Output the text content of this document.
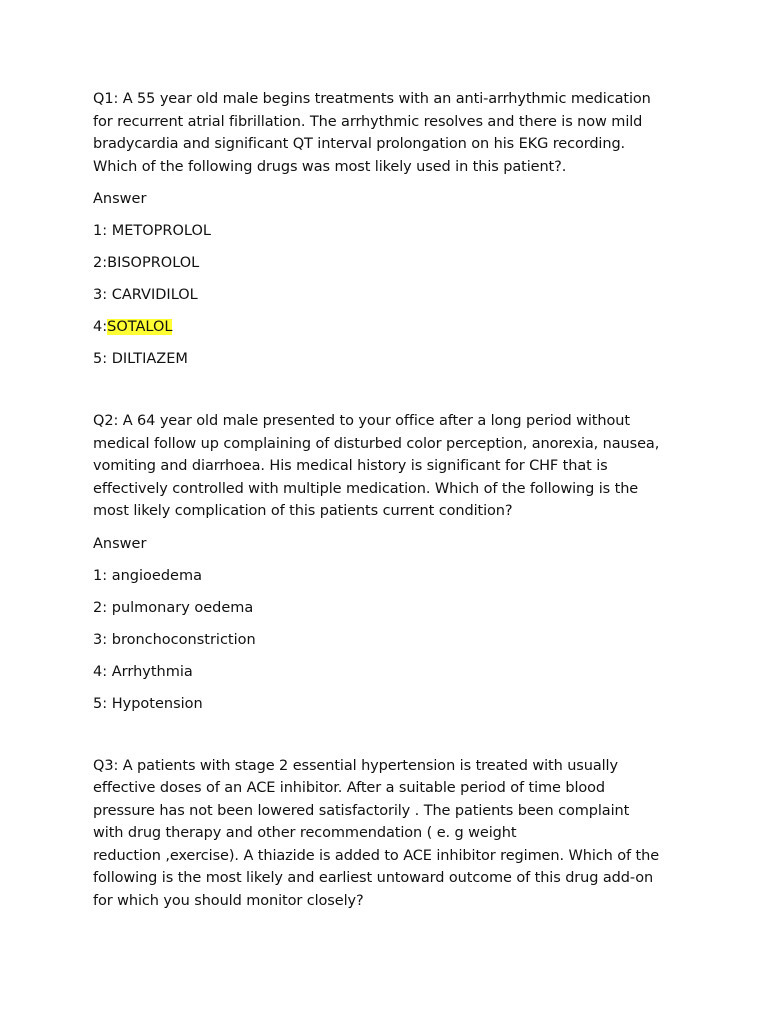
Q1: A 55 year old male begins treatments with an anti-arrhythmic medication
for recurrent atrial fibrillation. The arrhythmic resolves and there is now mild
bradycardia and significant QT interval prolongation on his EKG recording.
Which of the following drugs was most likely used in this patient?.

Answer

1: METOPROLOL
2:BISOPROLOL
3: CARVIDILOL
4:SOTALOL
5: DILTIAZEM

Q2: A 64 year old male presented to your office after a long period without
medical follow up complaining of disturbed color perception, anorexia, nausea,
vomiting and diarrhoea. His medical history is significant for CHF that is
effectively controlled with multiple medication. Which of the following is the
most likely complication of this patients current condition?

Answer

1: angioedema
2: pulmonary oedema
3: bronchoconstriction
4: Arrhythmia
5: Hypotension

Q3: A patients with stage 2 essential hypertension is treated with usually
effective doses of an ACE inhibitor. After a suitable period of time blood
pressure has not been lowered satisfactorily . The patients been complaint
with drug therapy and other recommendation ( e. g weight
reduction ,exercise). A thiazide is added to ACE inhibitor regimen. Which of the
following is the most likely and earliest untoward outcome of this drug add-on
for which you should monitor closely?
